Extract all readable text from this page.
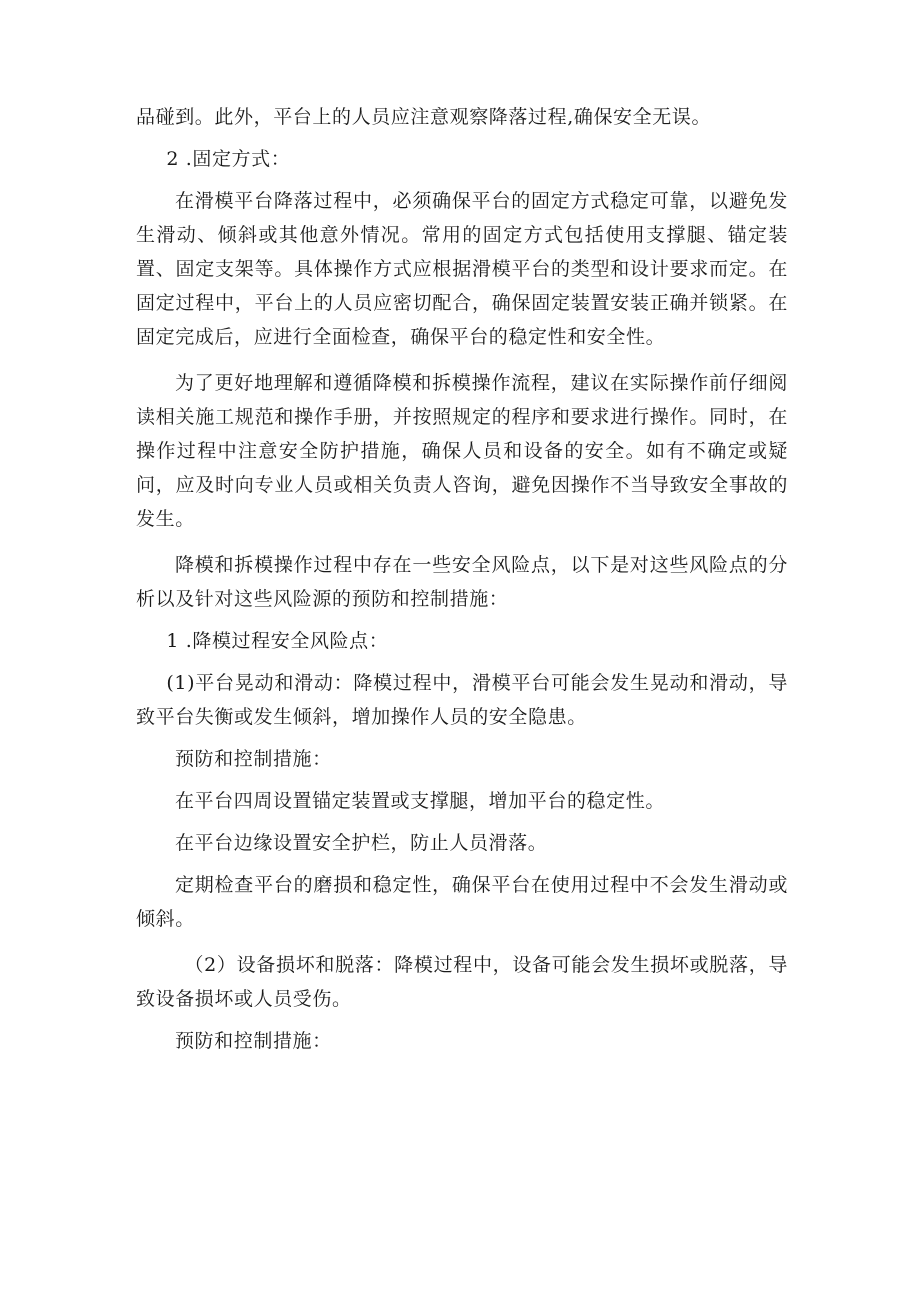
品碰到。此外，平台上的人员应注意观察降落过程,确保安全无误。

2 .固定方式：

在滑模平台降落过程中，必须确保平台的固定方式稳定可靠，以避免发生滑动、倾斜或其他意外情况。常用的固定方式包括使用支撑腿、锚定装置、固定支架等。具体操作方式应根据滑模平台的类型和设计要求而定。在固定过程中，平台上的人员应密切配合，确保固定装置安装正确并锁紧。在固定完成后，应进行全面检查，确保平台的稳定性和安全性。

为了更好地理解和遵循降模和拆模操作流程，建议在实际操作前仔细阅读相关施工规范和操作手册，并按照规定的程序和要求进行操作。同时，在操作过程中注意安全防护措施，确保人员和设备的安全。如有不确定或疑问，应及时向专业人员或相关负责人咨询，避免因操作不当导致安全事故的发生。

降模和拆模操作过程中存在一些安全风险点，以下是对这些风险点的分析以及针对这些风险源的预防和控制措施：

1 .降模过程安全风险点：

(1)平台晃动和滑动：降模过程中，滑模平台可能会发生晃动和滑动，导致平台失衡或发生倾斜，增加操作人员的安全隐患。

预防和控制措施：

在平台四周设置锚定装置或支撑腿，增加平台的稳定性。

在平台边缘设置安全护栏，防止人员滑落。

定期检查平台的磨损和稳定性，确保平台在使用过程中不会发生滑动或倾斜。

（2）设备损坏和脱落：降模过程中，设备可能会发生损坏或脱落，导致设备损坏或人员受伤。

预防和控制措施：
